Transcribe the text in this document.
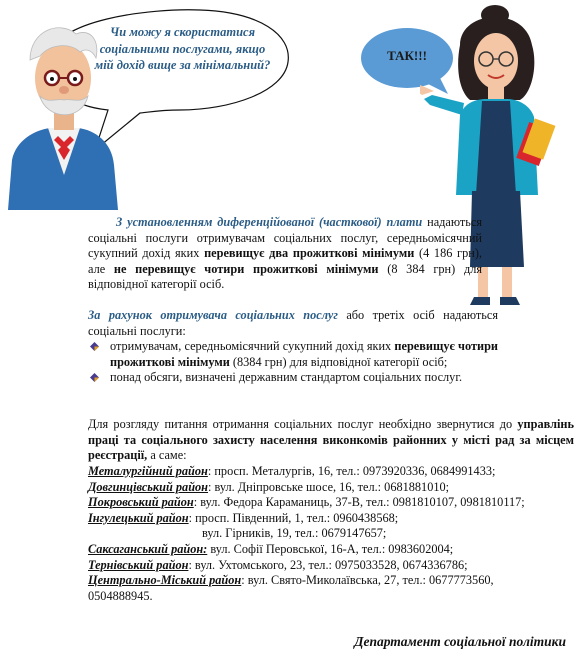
Чи можу я скористатися соціальними послугами, якщо мій дохід вище за мінімальний?
ТАК!!!

З установленням диференційованої (часткової) плати надаються соціальні послуги отримувачам соціальних послуг, середньомісячний сукупний дохід яких перевищує два прожиткові мінімуми (4 186 грн), але не перевищує чотири прожиткові мінімуми (8 384 грн) для відповідної категорії осіб.

За рахунок отримувача соціальних послуг або третіх осіб надаються соціальні послуги:

отримувачам, середньомісячний сукупний дохід яких перевищує чотири прожиткові мінімуми (8384 грн) для відповідної категорії осіб;
понад обсяги, визначені державним стандартом соціальних послуг.

Для розгляду питання отримання соціальних послуг необхідно звернутися до управлінь праці та соціального захисту населення виконкомів районних у місті рад за місцем реєстрації, а саме:

Металургійний район: просп. Металургів, 16, тел.: 0973920336, 0684991433;
Довгинцівський район: вул. Дніпровське шосе, 16, тел.: 0681881010;
Покровський район: вул. Федора Караманиць, 37-В, тел.: 0981810107, 0981810117;
Інгулецький район: просп. Південний, 1, тел.: 0960438568;
вул. Гірників, 19, тел.: 0679147657;
Саксаганський район: вул. Софії Перовської, 16-А, тел.: 0983602004;
Тернівський район: вул. Ухтомського, 23, тел.: 0975033528, 0674336786;
Центрально-Міський район: вул. Свято-Миколаївська, 27, тел.: 0677773560,
0504888945.
Департамент соціальної політики
